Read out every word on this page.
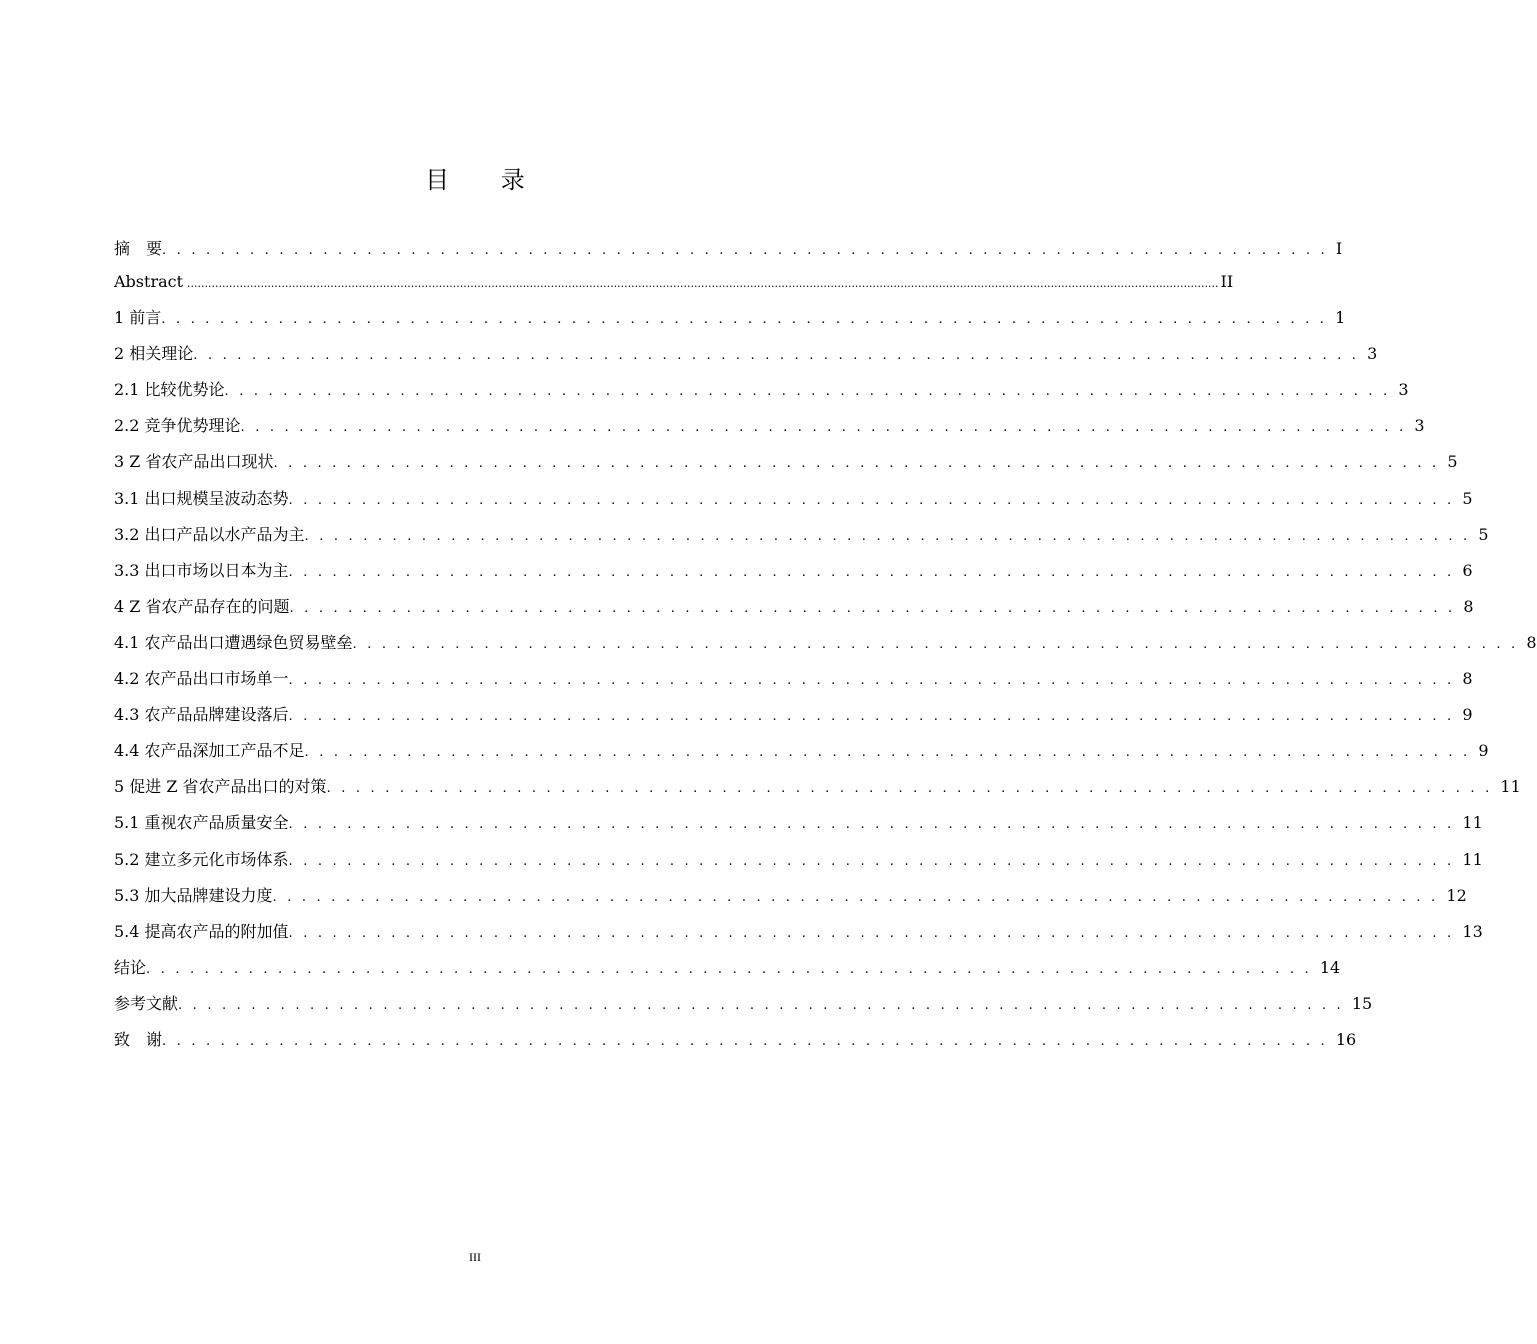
目 录
摘　要 . . . . . . . . . . . . . . . . . . . . . . . . . . . . . . . . . . . . . . . . . . . . . . . . . . . . . . . . . . . . . . . . . . . . . . . . . . . . . . . . I
Abstract ....................................................................................................................................................................................................................................................................................................... II
1 前言 . . . . . . . . . . . . . . . . . . . . . . . . . . . . . . . . . . . . . . . . . . . . . . . . . . . . . . . . . . . . . . . . . . . . . . . . . . . . . . . . 1
2 相关理论 . . . . . . . . . . . . . . . . . . . . . . . . . . . . . . . . . . . . . . . . . . . . . . . . . . . . . . . . . . . . . . . . . . . . . . . . . . . . . . . . 3
2.1 比较优势论 . . . . . . . . . . . . . . . . . . . . . . . . . . . . . . . . . . . . . . . . . . . . . . . . . . . . . . . . . . . . . . . . . . . . . . . . . . . . . . . . 3
2.2 竞争优势理论 . . . . . . . . . . . . . . . . . . . . . . . . . . . . . . . . . . . . . . . . . . . . . . . . . . . . . . . . . . . . . . . . . . . . . . . . . . . . . . . . 3
3 Z 省农产品出口现状 . . . . . . . . . . . . . . . . . . . . . . . . . . . . . . . . . . . . . . . . . . . . . . . . . . . . . . . . . . . . . . . . . . . . . . . . . . . . . . . . 5
3.1 出口规模呈波动态势 . . . . . . . . . . . . . . . . . . . . . . . . . . . . . . . . . . . . . . . . . . . . . . . . . . . . . . . . . . . . . . . . . . . . . . . . . . . . . . . . 5
3.2 出口产品以水产品为主 . . . . . . . . . . . . . . . . . . . . . . . . . . . . . . . . . . . . . . . . . . . . . . . . . . . . . . . . . . . . . . . . . . . . . . . . . . . . . . . . 5
3.3 出口市场以日本为主 . . . . . . . . . . . . . . . . . . . . . . . . . . . . . . . . . . . . . . . . . . . . . . . . . . . . . . . . . . . . . . . . . . . . . . . . . . . . . . . . 6
4 Z 省农产品存在的问题 . . . . . . . . . . . . . . . . . . . . . . . . . . . . . . . . . . . . . . . . . . . . . . . . . . . . . . . . . . . . . . . . . . . . . . . . . . . . . . . . 8
4.1 农产品出口遭遇绿色贸易壁垒 . . . . . . . . . . . . . . . . . . . . . . . . . . . . . . . . . . . . . . . . . . . . . . . . . . . . . . . . . . . . . . . . . . . . . . . . . . . . . . . . 8
4.2 农产品出口市场单一 . . . . . . . . . . . . . . . . . . . . . . . . . . . . . . . . . . . . . . . . . . . . . . . . . . . . . . . . . . . . . . . . . . . . . . . . . . . . . . . . 8
4.3 农产品品牌建设落后 . . . . . . . . . . . . . . . . . . . . . . . . . . . . . . . . . . . . . . . . . . . . . . . . . . . . . . . . . . . . . . . . . . . . . . . . . . . . . . . . 9
4.4 农产品深加工产品不足 . . . . . . . . . . . . . . . . . . . . . . . . . . . . . . . . . . . . . . . . . . . . . . . . . . . . . . . . . . . . . . . . . . . . . . . . . . . . . . . . 9
5 促进 Z 省农产品出口的对策 . . . . . . . . . . . . . . . . . . . . . . . . . . . . . . . . . . . . . . . . . . . . . . . . . . . . . . . . . . . . . . . . . . . . . . . . . . . . . . . . 11
5.1 重视农产品质量安全 . . . . . . . . . . . . . . . . . . . . . . . . . . . . . . . . . . . . . . . . . . . . . . . . . . . . . . . . . . . . . . . . . . . . . . . . . . . . . . . . 11
5.2 建立多元化市场体系 . . . . . . . . . . . . . . . . . . . . . . . . . . . . . . . . . . . . . . . . . . . . . . . . . . . . . . . . . . . . . . . . . . . . . . . . . . . . . . . . 11
5.3 加大品牌建设力度 . . . . . . . . . . . . . . . . . . . . . . . . . . . . . . . . . . . . . . . . . . . . . . . . . . . . . . . . . . . . . . . . . . . . . . . . . . . . . . . . 12
5.4 提高农产品的附加值 . . . . . . . . . . . . . . . . . . . . . . . . . . . . . . . . . . . . . . . . . . . . . . . . . . . . . . . . . . . . . . . . . . . . . . . . . . . . . . . . 13
结论 . . . . . . . . . . . . . . . . . . . . . . . . . . . . . . . . . . . . . . . . . . . . . . . . . . . . . . . . . . . . . . . . . . . . . . . . . . . . . . . . 14
参考文献 . . . . . . . . . . . . . . . . . . . . . . . . . . . . . . . . . . . . . . . . . . . . . . . . . . . . . . . . . . . . . . . . . . . . . . . . . . . . . . . . 15
致　谢 . . . . . . . . . . . . . . . . . . . . . . . . . . . . . . . . . . . . . . . . . . . . . . . . . . . . . . . . . . . . . . . . . . . . . . . . . . . . . . . . 16
III
